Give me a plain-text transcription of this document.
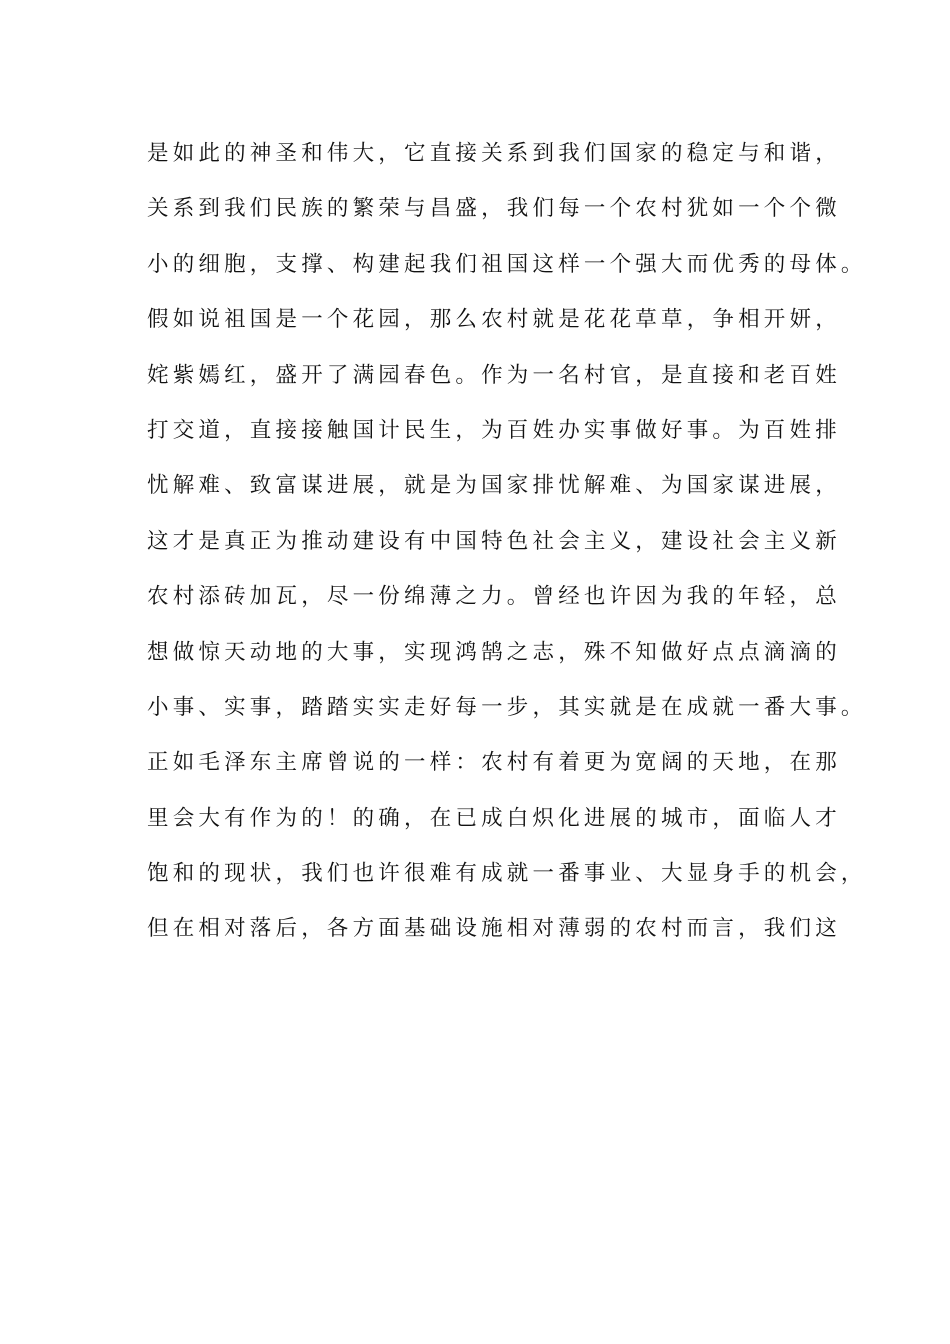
是如此的神圣和伟大，它直接关系到我们国家的稳定与和谐，
关系到我们民族的繁荣与昌盛，我们每一个农村犹如一个个微
小的细胞，支撑、构建起我们祖国这样一个强大而优秀的母体。
假如说祖国是一个花园，那么农村就是花花草草，争相开妍，
姹紫嫣红，盛开了满园春色。作为一名村官，是直接和老百姓
打交道，直接接触国计民生，为百姓办实事做好事。为百姓排
忧解难、致富谋进展，就是为国家排忧解难、为国家谋进展，
这才是真正为推动建设有中国特色社会主义，建设社会主义新
农村添砖加瓦，尽一份绵薄之力。曾经也许因为我的年轻，总
想做惊天动地的大事，实现鸿鹄之志，殊不知做好点点滴滴的
小事、实事，踏踏实实走好每一步，其实就是在成就一番大事。
正如毛泽东主席曾说的一样：农村有着更为宽阔的天地，在那
里会大有作为的！的确，在已成白炽化进展的城市，面临人才
饱和的现状，我们也许很难有成就一番事业、大显身手的机会，
但在相对落后，各方面基础设施相对薄弱的农村而言，我们这
